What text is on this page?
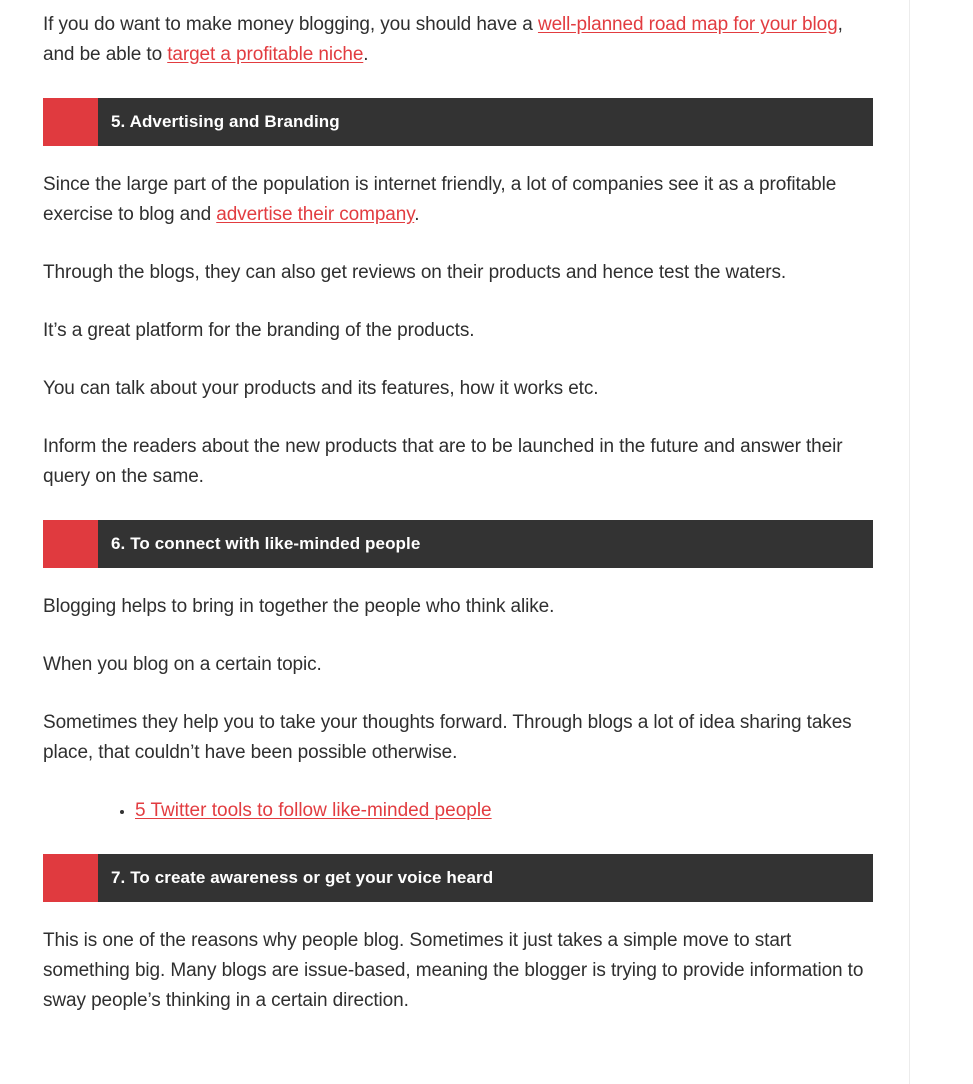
If you do want to make money blogging, you should have a well-planned road map for your blog, and be able to target a profitable niche.

5. Advertising and Branding

Since the large part of the population is internet friendly, a lot of companies see it as a profitable exercise to blog and advertise their company.

Through the blogs, they can also get reviews on their products and hence test the waters.

It’s a great platform for the branding of the products.

You can talk about your products and its features, how it works etc.

Inform the readers about the new products that are to be launched in the future and answer their query on the same.

6. To connect with like-minded people

Blogging helps to bring in together the people who think alike.

When you blog on a certain topic.

Sometimes they help you to take your thoughts forward. Through blogs a lot of idea sharing takes place, that couldn’t have been possible otherwise.

• 5 Twitter tools to follow like-minded people
7. To create awareness or get your voice heard

This is one of the reasons why people blog. Sometimes it just takes a simple move to start something big. Many blogs are issue-based, meaning the blogger is trying to provide information to sway people’s thinking in a certain direction.
